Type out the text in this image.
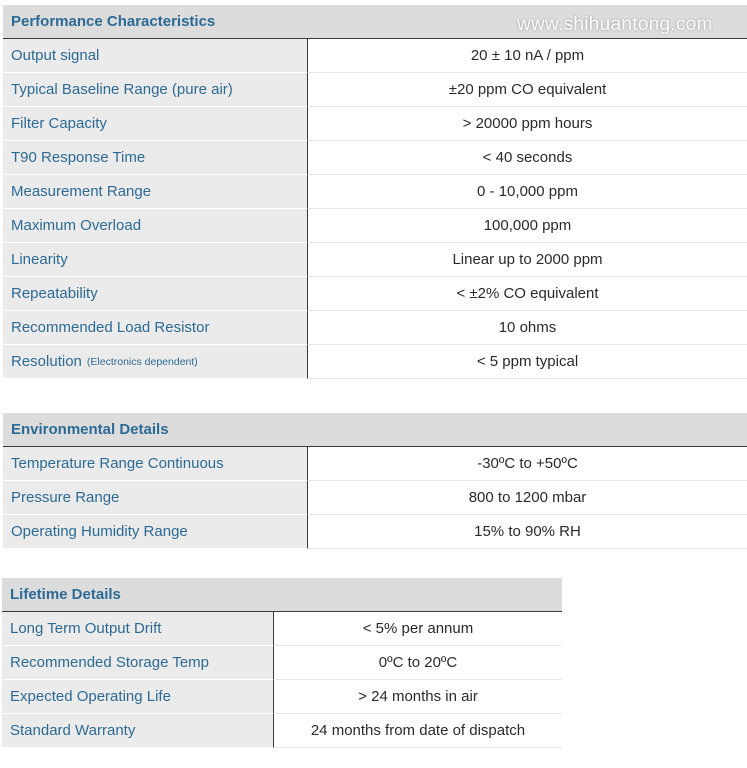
Performance Characteristics
Output signal	20 ± 10 nA / ppm
Typical Baseline Range (pure air)	±20 ppm CO equivalent
Filter Capacity	> 20000 ppm hours
T90 Response Time	< 40 seconds
Measurement Range	0 - 10,000 ppm
Maximum Overload	100,000 ppm
Linearity	Linear up to 2000 ppm
Repeatability	< ±2% CO equivalent
Recommended Load Resistor	10 ohms
Resolution (Electronics dependent)	< 5 ppm typical
Environmental Details
Temperature Range Continuous	-30ºC to +50ºC
Pressure Range	800 to 1200 mbar
Operating Humidity Range	15% to 90% RH
Lifetime Details
Long Term Output Drift	< 5% per annum
Recommended Storage Temp	0ºC to 20ºC
Expected Operating Life	> 24 months in air
Standard Warranty	24 months from date of dispatch
www.shihuantong.com
